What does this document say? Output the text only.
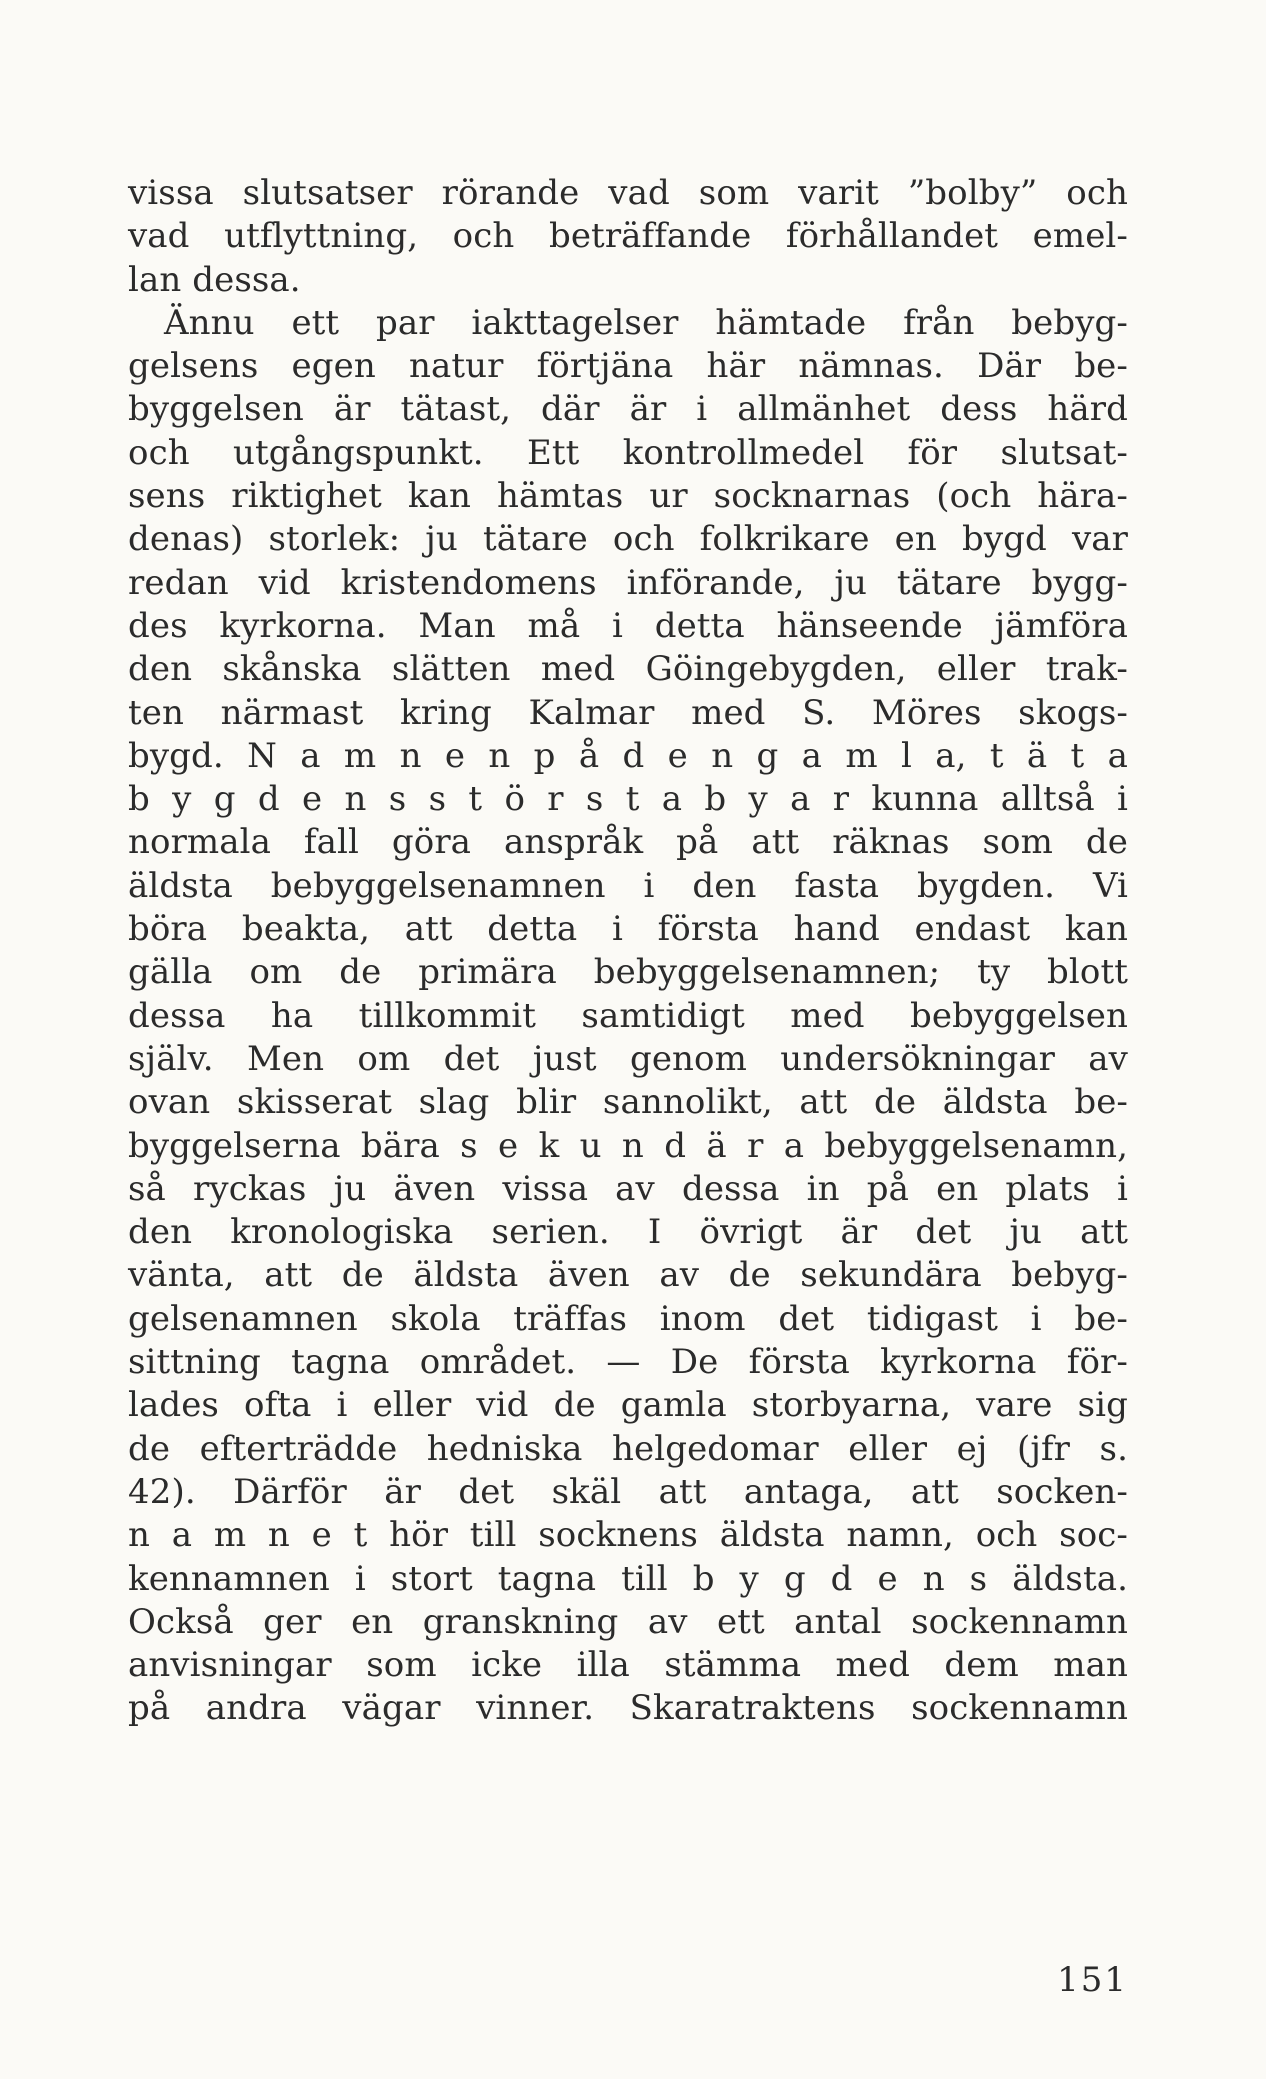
vissa slutsatser rörande vad som varit ”bolby” och
vad utflyttning, och beträffande förhållandet emel-
lan dessa.
Ännu ett par iakttagelser hämtade från bebyg-
gelsens egen natur förtjäna här nämnas. Där be-
byggelsen är tätast, där är i allmänhet dess härd
och utgångspunkt. Ett kontrollmedel för slutsat-
sens riktighet kan hämtas ur socknarnas (och härа-
denas) storlek: ju tätare och folkrikare en bygd var
redan vid kristendomens införande, ju tätare bygg-
des kyrkorna. Man må i detta hänseende jämföra
den skånska slätten med Göingebygden, eller trak-
ten närmast kring Kalmar med S. Möres skogs-
bygd. N a m n e n p å d e n g a m l a, t ä t a
b y g d e n s s t ö r s t a b y a r kunna alltså i
normala fall göra anspråk på att räknas som de
äldsta bebyggelsenamnen i den fasta bygden. Vi
böra beakta, att detta i första hand endast kan
gälla om de primära bebyggelsenamnen; ty blott
dessa ha tillkommit samtidigt med bebyggelsen
själv. Men om det just genom undersökningar av
ovan skisserat slag blir sannolikt, att de äldsta be-
byggelserna bära s e k u n d ä r a bebyggelsenamn,
så ryckas ju även vissa av dessa in på en plats i
den kronologiska serien. I övrigt är det ju att
vänta, att de äldsta även av de sekundära bebyg-
gelsenamnen skola träffas inom det tidigast i be-
sittning tagna området. — De första kyrkorna för-
lades ofta i eller vid de gamla storbyarna, vare sig
de efterträdde hedniska helgedomar eller ej (jfr s.
42). Därför är det skäl att antaga, att socken-
n a m n e t hör till socknens äldsta namn, och soc-
kennamnen i stort tagna till b y g d e n s äldsta.
Också ger en granskning av ett antal sockennamn
anvisningar som icke illa stämma med dem man
på andra vägar vinner. Skaratraktens sockennamn
151
